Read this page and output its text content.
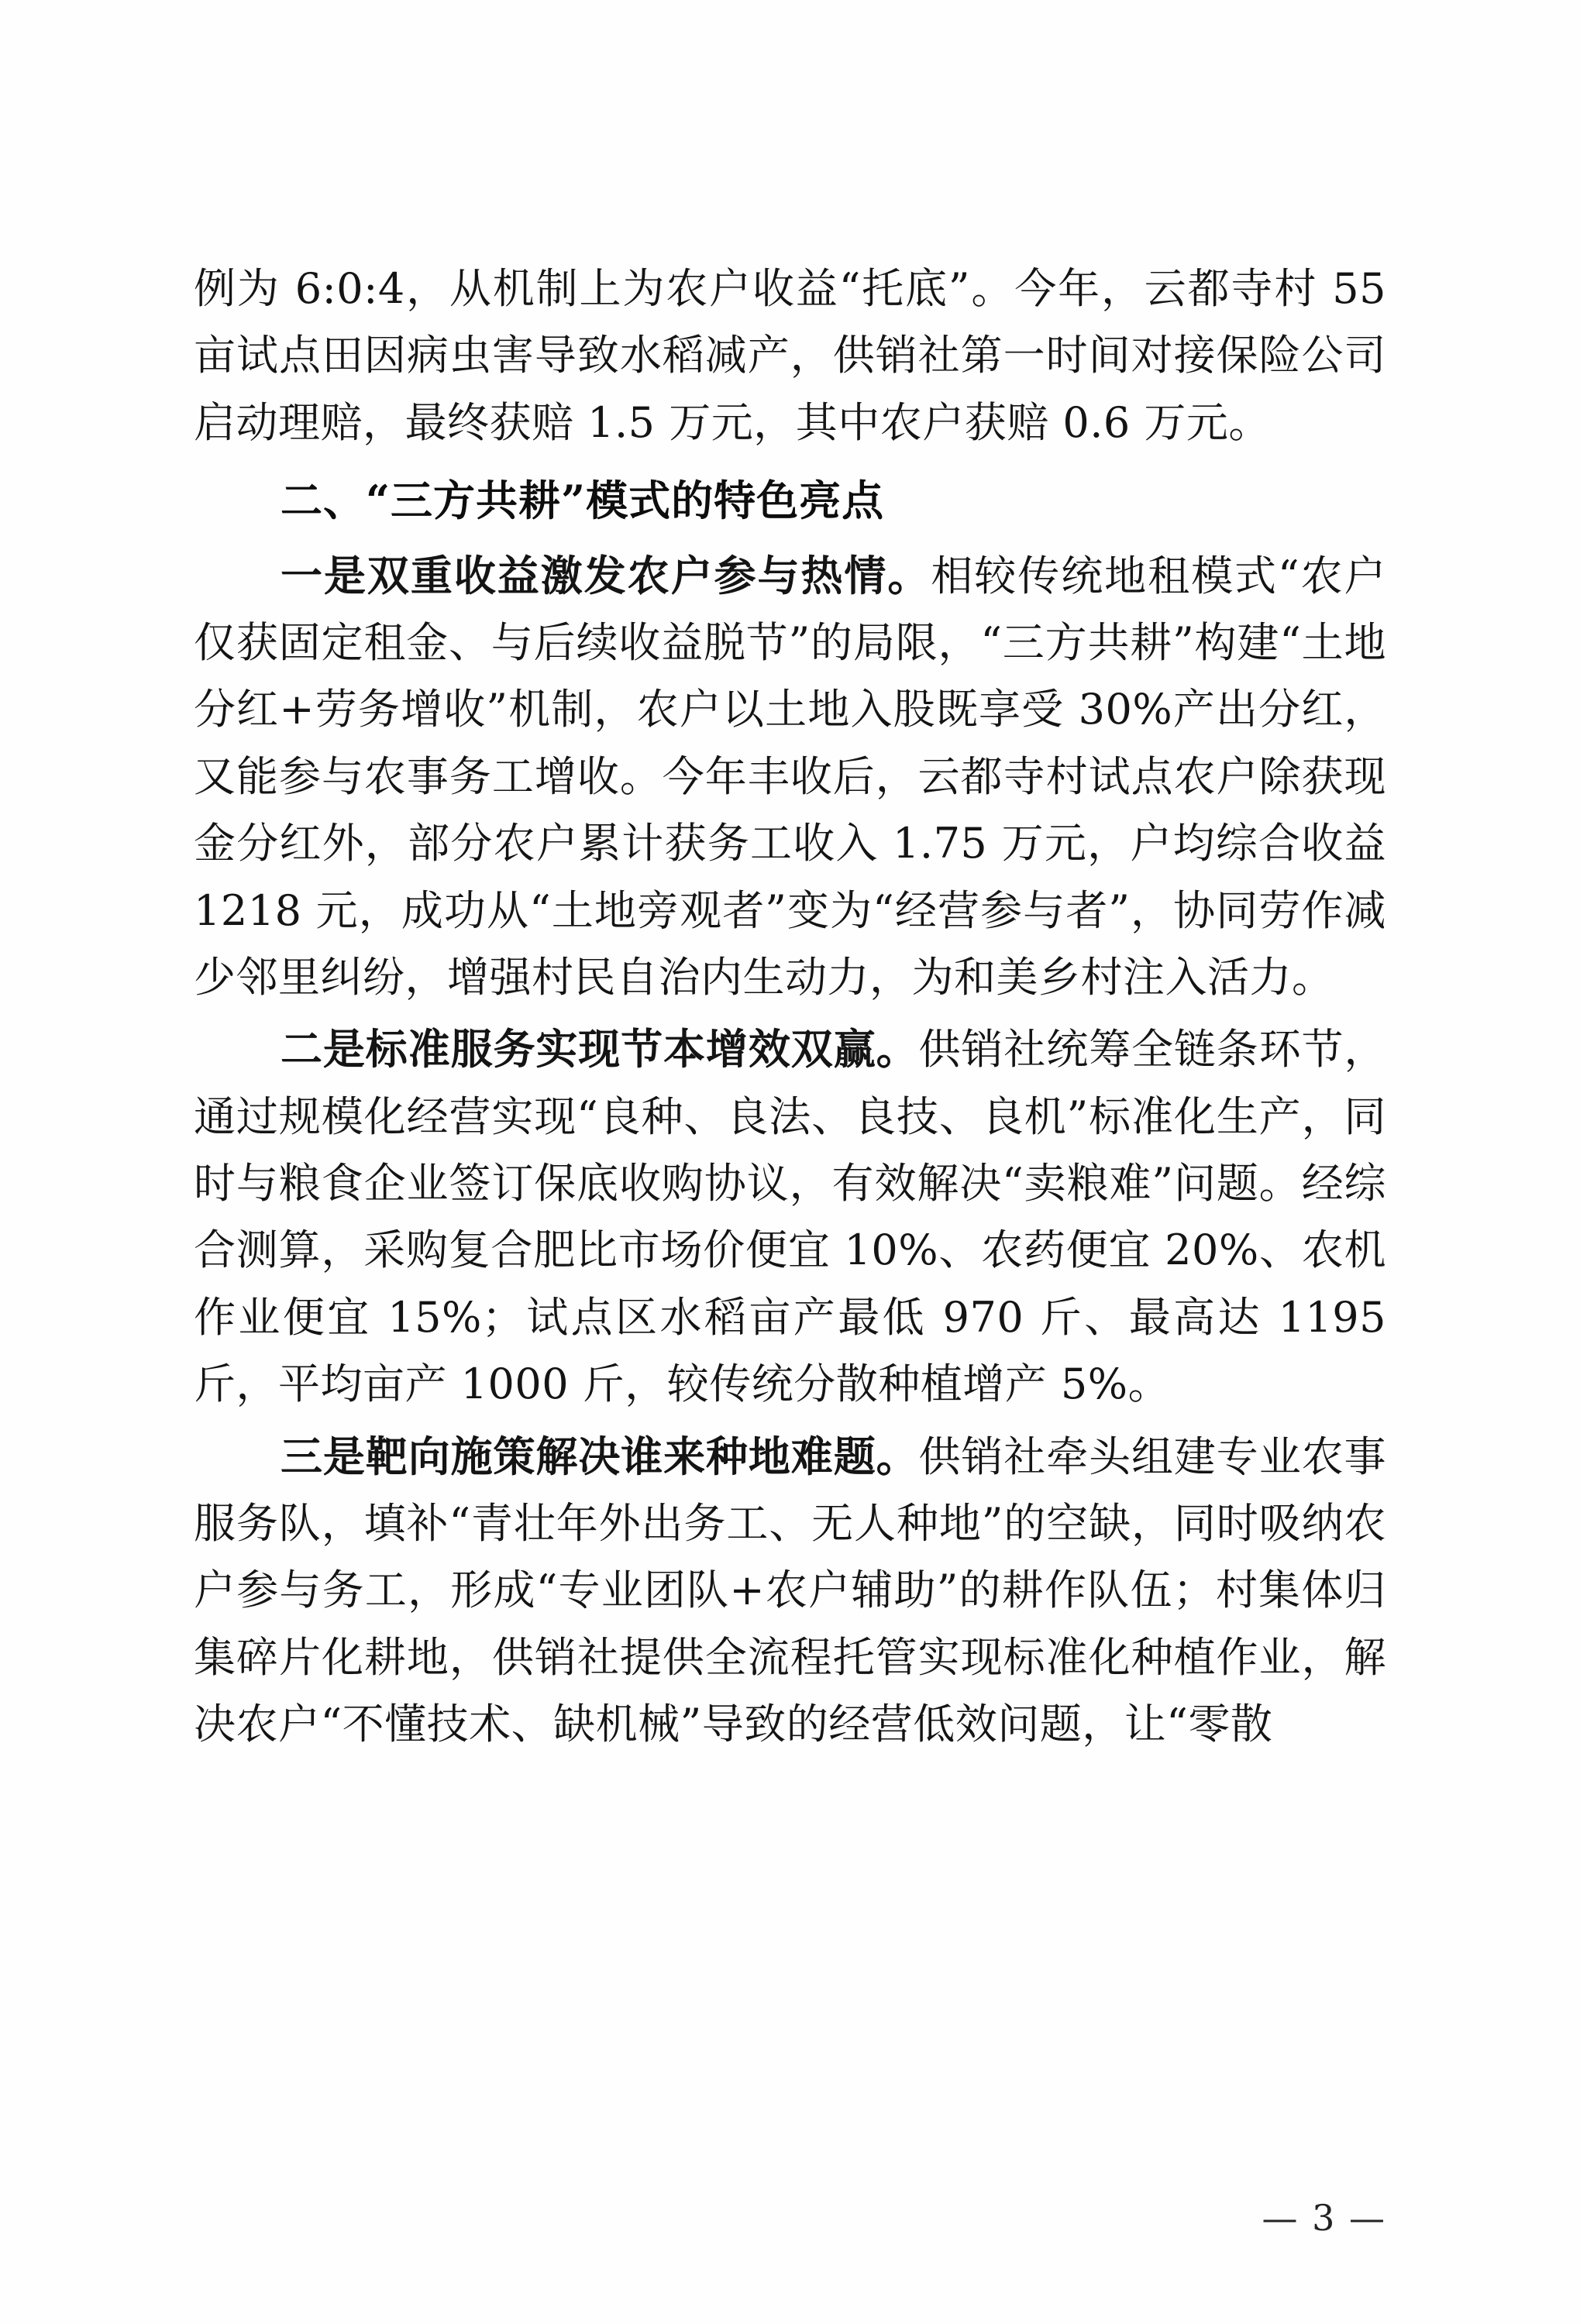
例为 6:0:4，从机制上为农户收益“托底”。今年，云都寺村 55 亩试点田因病虫害导致水稻减产，供销社第一时间对接保险公司启动理赔，最终获赔 1.5 万元，其中农户获赔 0.6 万元。

二、“三方共耕”模式的特色亮点

一是双重收益激发农户参与热情。相较传统地租模式“农户仅获固定租金、与后续收益脱节”的局限，“三方共耕”构建“土地分红+劳务增收”机制，农户以土地入股既享受 30%产出分红，又能参与农事务工增收。今年丰收后，云都寺村试点农户除获现金分红外，部分农户累计获务工收入 1.75 万元，户均综合收益 1218 元，成功从“土地旁观者”变为“经营参与者”，协同劳作减少邻里纠纷，增强村民自治内生动力，为和美乡村注入活力。

二是标准服务实现节本增效双赢。供销社统筹全链条环节，通过规模化经营实现“良种、良法、良技、良机”标准化生产，同时与粮食企业签订保底收购协议，有效解决“卖粮难”问题。经综合测算，采购复合肥比市场价便宜 10%、农药便宜 20%、农机作业便宜 15%；试点区水稻亩产最低 970 斤、最高达 1195 斤，平均亩产 1000 斤，较传统分散种植增产 5%。

三是靶向施策解决谁来种地难题。供销社牵头组建专业农事服务队，填补“青壮年外出务工、无人种地”的空缺，同时吸纳农户参与务工，形成“专业团队+农户辅助”的耕作队伍；村集体归集碎片化耕地，供销社提供全流程托管实现标准化种植作业，解决农户“不懂技术、缺机械”导致的经营低效问题，让“零散

— 3 —
